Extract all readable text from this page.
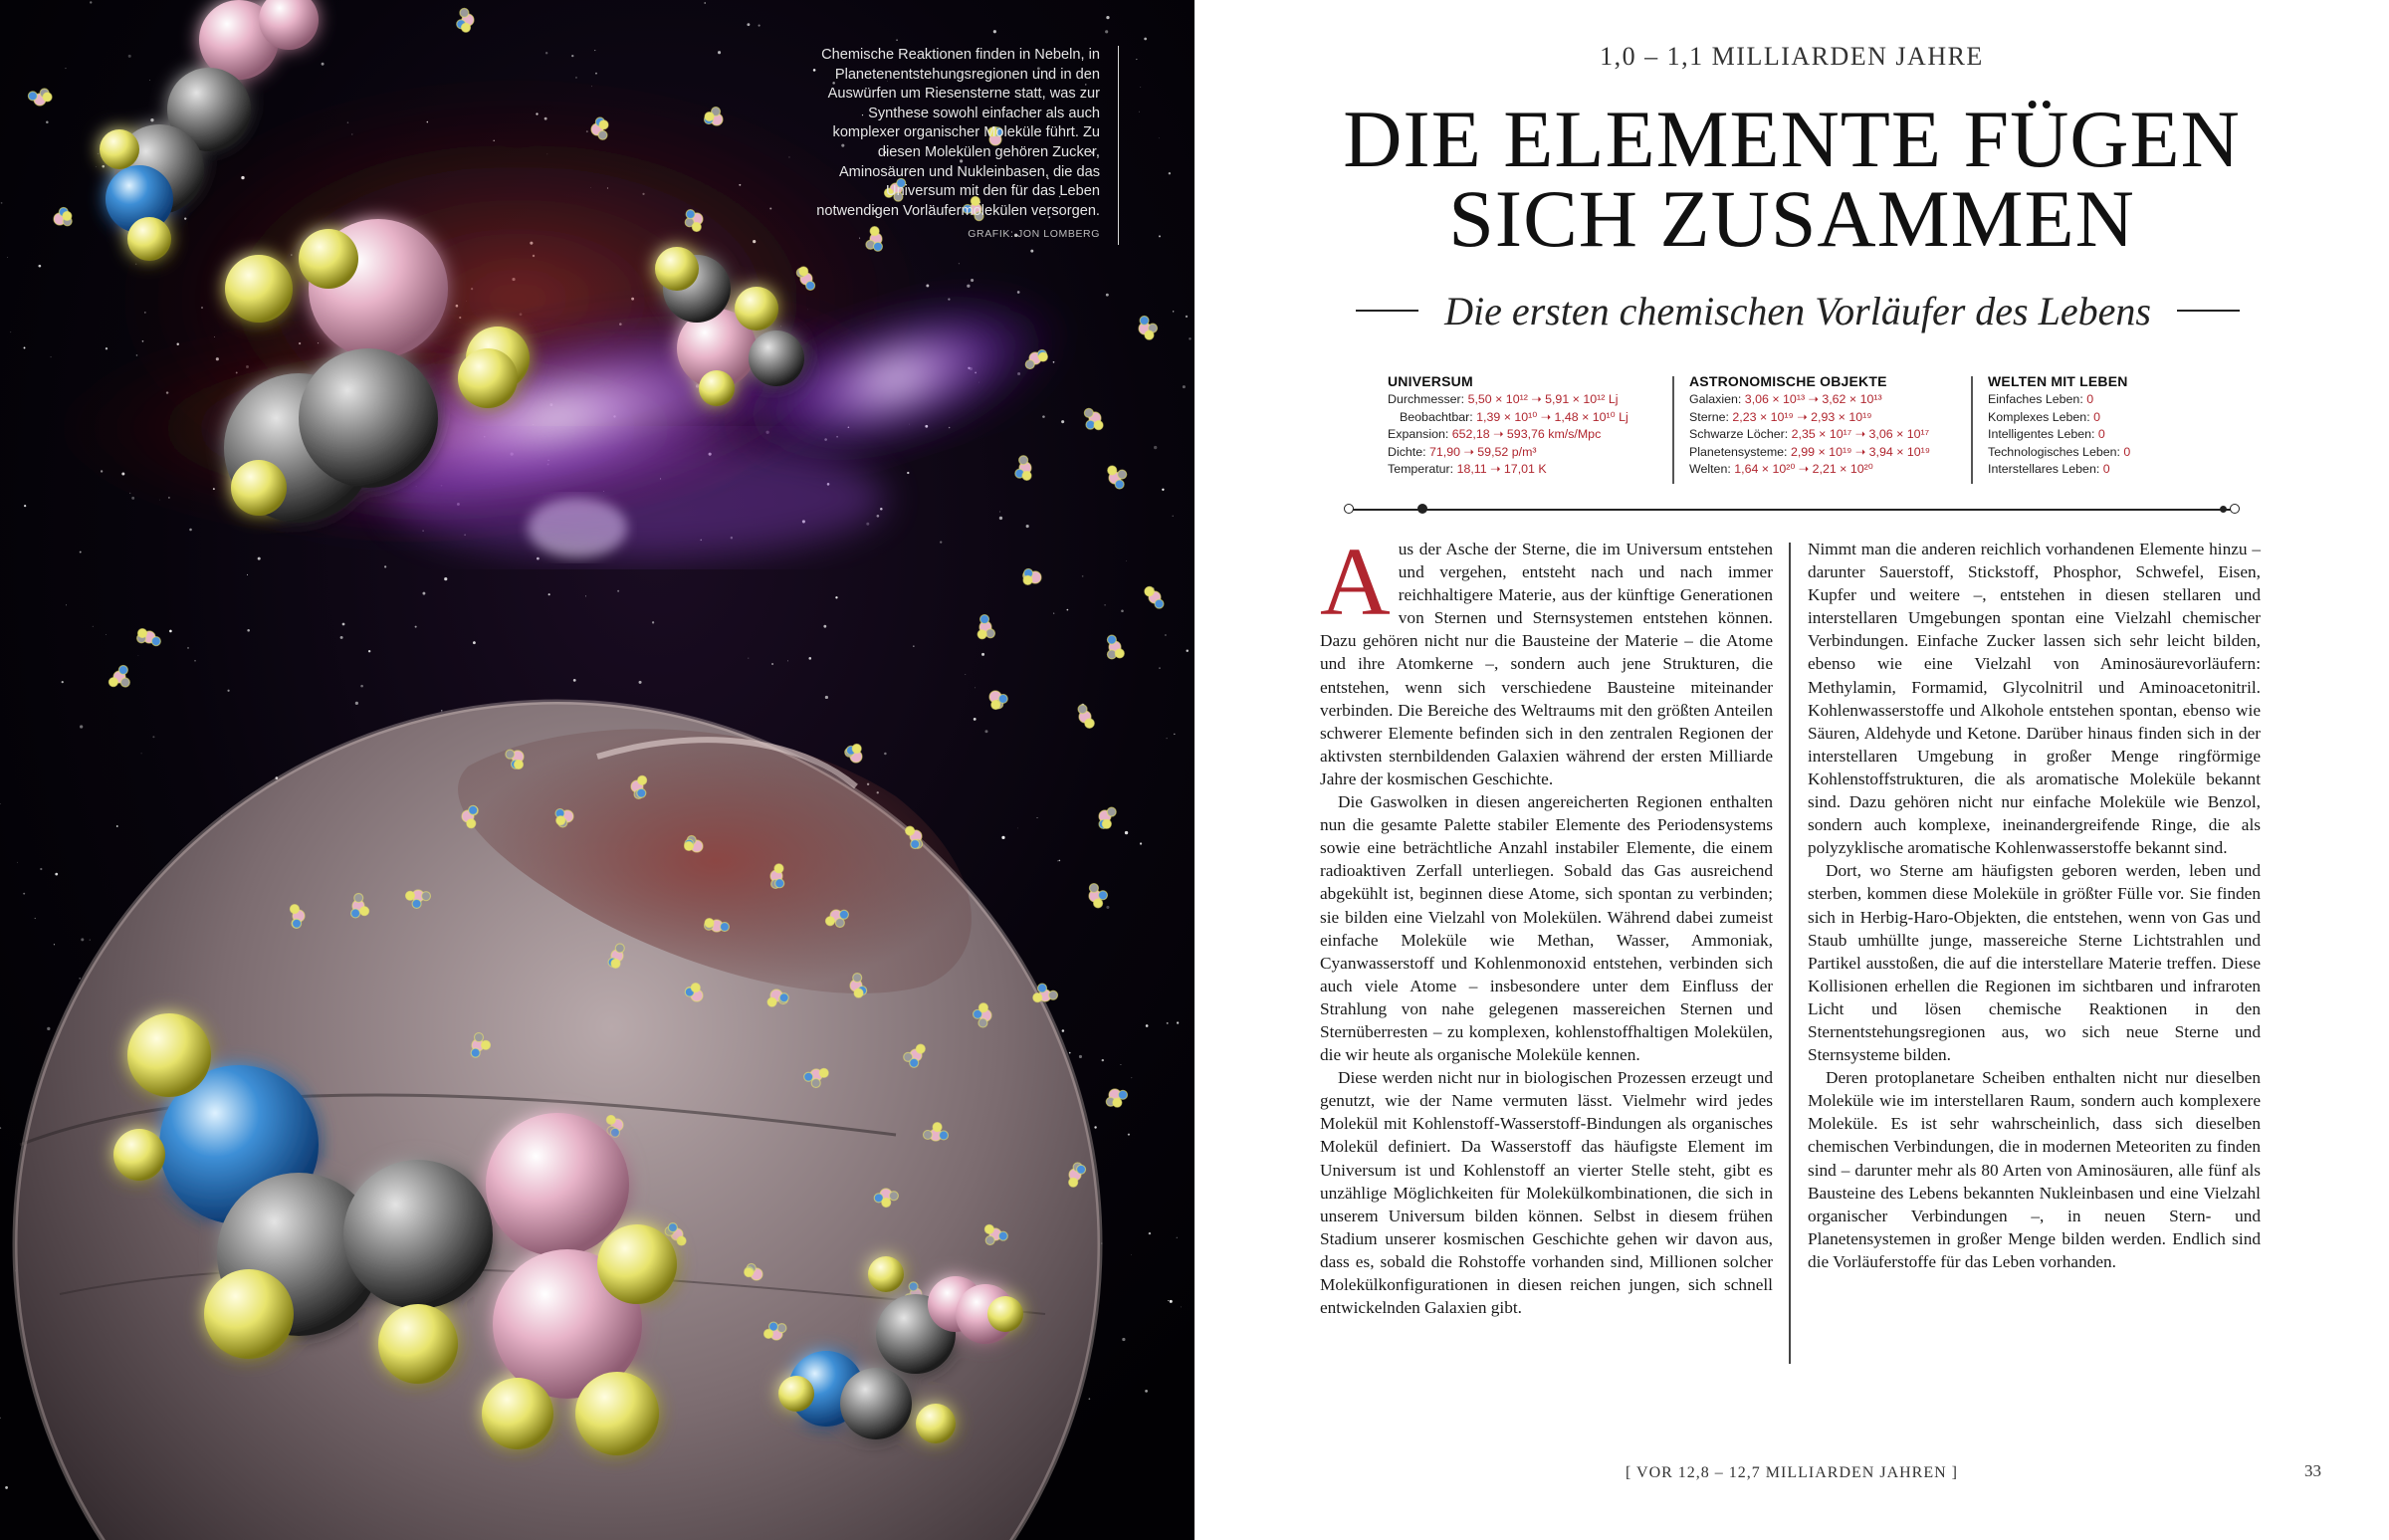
Chemische Reaktionen finden in Nebeln, in Planetenentstehungsregionen und in den Auswürfen um Riesensterne statt, was zur Synthese sowohl einfacher als auch komplexer organischer Moleküle führt. Zu diesen Molekülen gehören Zucker, Aminosäuren und Nukleinbasen, die das Universum mit den für das Leben notwendigen Vorläufermolekülen versorgen.
GRAFIK: JON LOMBERG
1,0 – 1,1 MILLIARDEN JAHRE
DIE ELEMENTE FÜGEN
SICH ZUSAMMEN
Die ersten chemischen Vorläufer des Lebens
UNIVERSUM
Durchmesser: 5,50 × 10¹² ➝ 5,91 × 10¹² Lj
Beobachtbar: 1,39 × 10¹⁰ ➝ 1,48 × 10¹⁰ Lj
Expansion: 652,18 ➝ 593,76 km/s/Mpc
Dichte: 71,90 ➝ 59,52 p/m³
Temperatur: 18,11 ➝ 17,01 K
ASTRONOMISCHE OBJEKTE
Galaxien: 3,06 × 10¹³ ➝ 3,62 × 10¹³
Sterne: 2,23 × 10¹⁹ ➝ 2,93 × 10¹⁹
Schwarze Löcher: 2,35 × 10¹⁷ ➝ 3,06 × 10¹⁷
Planetensysteme: 2,99 × 10¹⁹ ➝ 3,94 × 10¹⁹
Welten: 1,64 × 10²⁰ ➝ 2,21 × 10²⁰
WELTEN MIT LEBEN
Einfaches Leben: 0
Komplexes Leben: 0
Intelligentes Leben: 0
Technologisches Leben: 0
Interstellares Leben: 0

Aus der Asche der Sterne, die im Universum entstehen und vergehen, entsteht nach und nach immer reichhaltigere Materie, aus der künftige Generationen von Sternen und Sternsystemen entstehen können. Dazu gehören nicht nur die Bausteine der Materie – die Atome und ihre Atomkerne –, sondern auch jene Strukturen, die entstehen, wenn sich verschiedene Bausteine miteinander verbinden. Die Bereiche des Weltraums mit den größten Anteilen schwerer Elemente befinden sich in den zentralen Regionen der aktivsten sternbildenden Galaxien während der ersten Milliarde Jahre der kosmischen Geschichte.

Die Gaswolken in diesen angereicherten Regionen enthalten nun die gesamte Palette stabiler Elemente des Periodensystems sowie eine beträchtliche Anzahl instabiler Elemente, die einem radioaktiven Zerfall unterliegen. Sobald das Gas ausreichend abgekühlt ist, beginnen diese Atome, sich spontan zu verbinden; sie bilden eine Vielzahl von Molekülen. Während dabei zumeist einfache Moleküle wie Methan, Wasser, Ammoniak, Cyanwasserstoff und Kohlenmonoxid entstehen, verbinden sich auch viele Atome – insbesondere unter dem Einfluss der Strahlung von nahe gelegenen massereichen Sternen und Sternüberresten – zu komplexen, kohlenstoffhaltigen Molekülen, die wir heute als organische Moleküle kennen.

Diese werden nicht nur in biologischen Prozessen erzeugt und genutzt, wie der Name vermuten lässt. Vielmehr wird jedes Molekül mit Kohlenstoff-Wasserstoff-Bindungen als organisches Molekül definiert. Da Wasserstoff das häufigste Element im Universum ist und Kohlenstoff an vierter Stelle steht, gibt es unzählige Möglichkeiten für Molekülkombinationen, die sich in unserem Universum bilden können. Selbst in diesem frühen Stadium unserer kosmischen Geschichte gehen wir davon aus, dass es, sobald die Rohstoffe vorhanden sind, Millionen solcher Molekülkonfigurationen in diesen reichen jungen, sich schnell entwickelnden Galaxien gibt.

Nimmt man die anderen reichlich vorhandenen Elemente hinzu – darunter Sauerstoff, Stickstoff, Phosphor, Schwefel, Eisen, Kupfer und weitere –, entstehen in diesen stellaren und interstellaren Umgebungen spontan eine Vielzahl chemischer Verbindungen. Einfache Zucker lassen sich sehr leicht bilden, ebenso wie eine Vielzahl von Aminosäurevorläufern: Methylamin, Formamid, Glycolnitril und Aminoacetonitril. Kohlenwasserstoffe und Alkohole entstehen spontan, ebenso wie Säuren, Aldehyde und Ketone. Darüber hinaus finden sich in der interstellaren Umgebung in großer Menge ringförmige Kohlenstoffstrukturen, die als aromatische Moleküle bekannt sind. Dazu gehören nicht nur einfache Moleküle wie Benzol, sondern auch komplexe, ineinandergreifende Ringe, die als polyzyklische aromatische Kohlenwasserstoffe bekannt sind.

Dort, wo Sterne am häufigsten geboren werden, leben und sterben, kommen diese Moleküle in größter Fülle vor. Sie finden sich in Herbig-Haro-Objekten, die entstehen, wenn von Gas und Staub umhüllte junge, massereiche Sterne Lichtstrahlen und Partikel ausstoßen, die auf die interstellare Materie treffen. Diese Kollisionen erhellen die Regionen im sichtbaren und infraroten Licht und lösen chemische Reaktionen in den Sternentstehungsregionen aus, wo sich neue Sterne und Sternsysteme bilden.

Deren protoplanetare Scheiben enthalten nicht nur dieselben Moleküle wie im interstellaren Raum, sondern auch komplexere Moleküle. Es ist sehr wahrscheinlich, dass sich dieselben chemischen Verbindungen, die in modernen Meteoriten zu finden sind – darunter mehr als 80 Arten von Aminosäuren, alle fünf als Bausteine des Lebens bekannten Nukleinbasen und eine Vielzahl organischer Verbindungen –, in neuen Stern- und Planetensystemen in großer Menge bilden werden. Endlich sind die Vorläuferstoffe für das Leben vorhanden.

[ VOR 12,8 – 12,7 MILLIARDEN JAHREN ]	33
